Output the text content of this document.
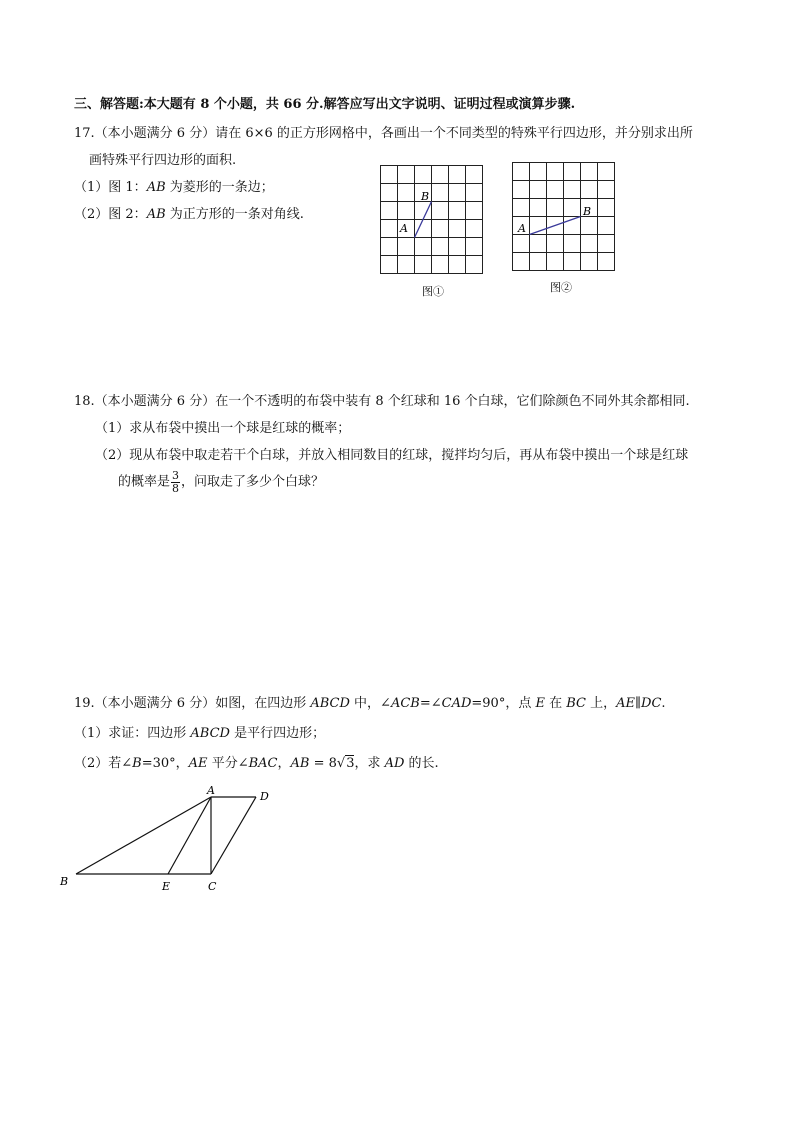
三、解答题:本大题有 8 个小题，共 66 分.解答应写出文字说明、证明过程或演算步骤.
17.（本小题满分 6 分）请在 6×6 的正方形网格中，各画出一个不同类型的特殊平行四边形，并分别求出所
画特殊平行四边形的面积.
（1）图 1：AB 为菱形的一条边；
（2）图 2：AB 为正方形的一条对角线.
A
B
图①
A
B
图②
18.（本小题满分 6 分）在一个不透明的布袋中装有 8 个红球和 16 个白球，它们除颜色不同外其余都相同.
（1）求从布袋中摸出一个球是红球的概率；
（2）现从布袋中取走若干个白球，并放入相同数目的红球，搅拌均匀后，再从布袋中摸出一个球是红球
的概率是 $\frac{3}{8}$ ，问取走了多少个白球？
19.（本小题满分 6 分）如图，在四边形 ABCD 中，∠ACB=∠CAD=90°，点 E 在 BC 上，AE∥DC.
（1）求证：四边形 ABCD 是平行四边形；
（2）若∠B=30°，AE 平分∠BAC，AB = 8√3，求 AD 的长.
A	D
B	E	C
